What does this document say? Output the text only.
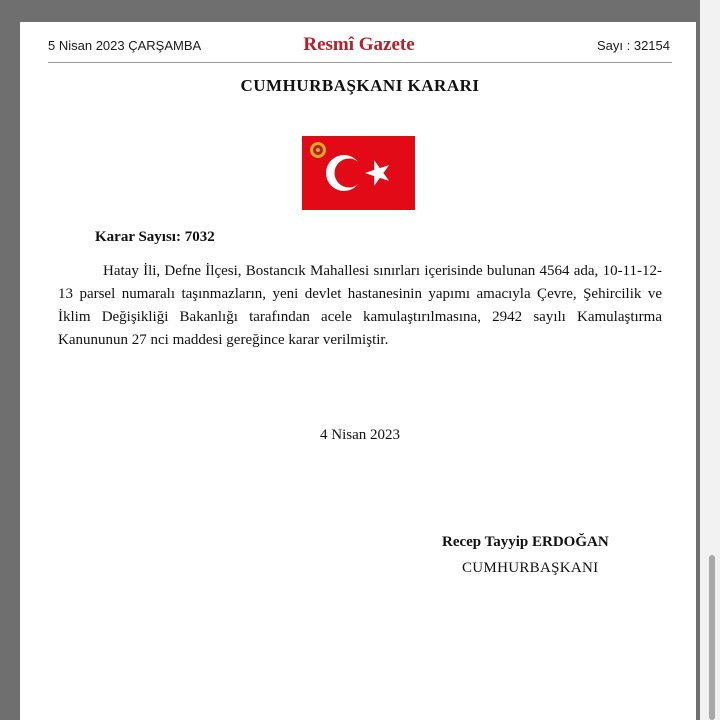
5 Nisan 2023 ÇARŞAMBA	Resmî Gazete	Sayı : 32154
CUMHURBAŞKANI KARARI
Karar Sayısı: 7032

Hatay İli, Defne İlçesi, Bostancık Mahallesi sınırları içerisinde bulunan 4564 ada, 10-11-12-13 parsel numaralı taşınmazların, yeni devlet hastanesinin yapımı amacıyla Çevre, Şehircilik ve İklim Değişikliği Bakanlığı tarafından acele kamulaştırılmasına, 2942 sayılı Kamulaştırma Kanununun 27 nci maddesi gereğince karar verilmiştir.

4 Nisan 2023
Recep Tayyip ERDOĞAN
CUMHURBAŞKANI
